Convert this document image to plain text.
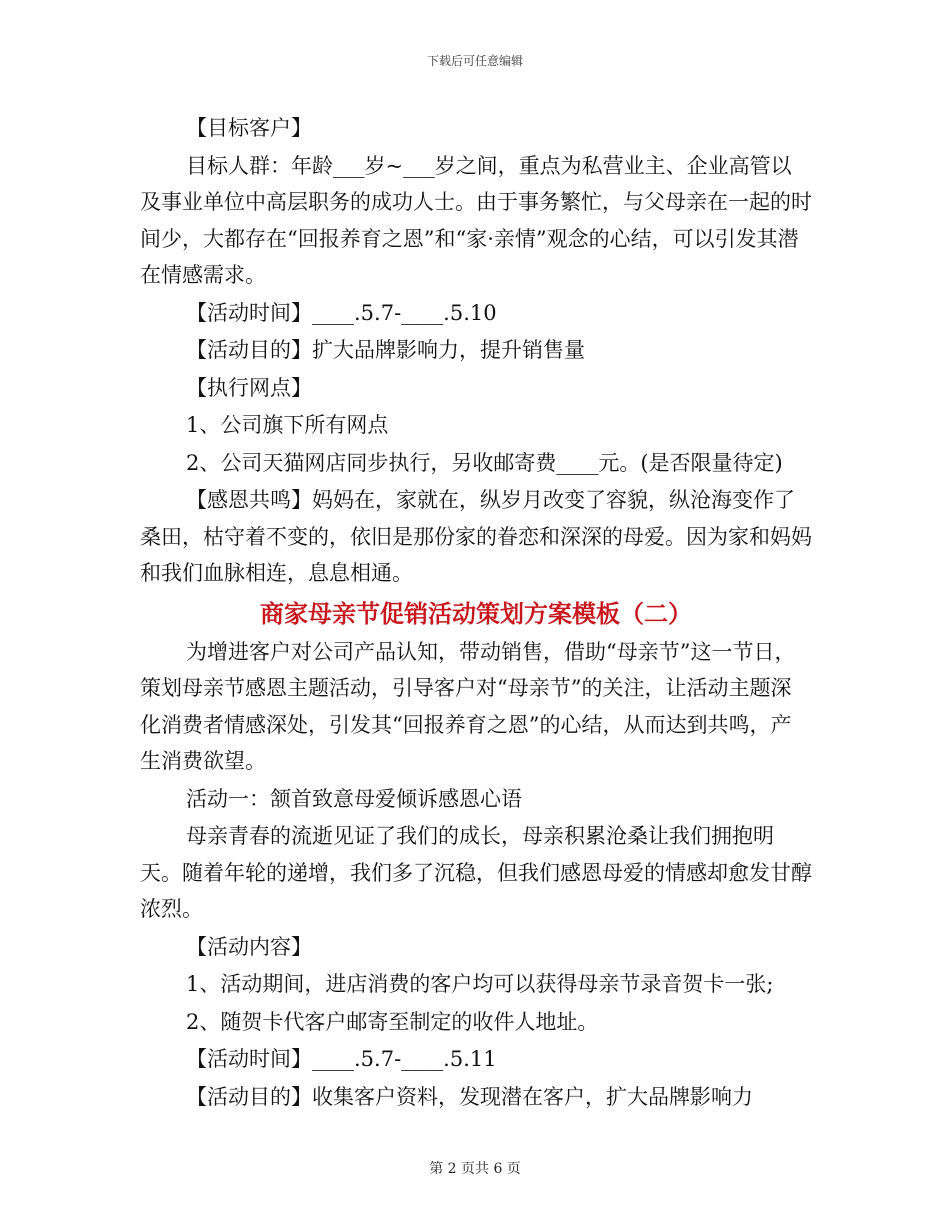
下载后可任意编辑

【目标客户】

目标人群：年龄___岁~___岁之间，重点为私营业主、企业高管以及事业单位中高层职务的成功人士。由于事务繁忙，与父母亲在一起的时间少，大都存在“回报养育之恩”和“家·亲情”观念的心结，可以引发其潜在情感需求。

【活动时间】____.5.7-____.5.10

【活动目的】扩大品牌影响力，提升销售量

【执行网点】

1、公司旗下所有网点

2、公司天猫网店同步执行，另收邮寄费____元。(是否限量待定)

【感恩共鸣】妈妈在，家就在，纵岁月改变了容貌，纵沧海变作了桑田，枯守着不变的，依旧是那份家的眷恋和深深的母爱。因为家和妈妈和我们血脉相连，息息相通。

商家母亲节促销活动策划方案模板（二）

为增进客户对公司产品认知，带动销售，借助“母亲节”这一节日，策划母亲节感恩主题活动，引导客户对“母亲节”的关注，让活动主题深化消费者情感深处，引发其“回报养育之恩”的心结，从而达到共鸣，产生消费欲望。

活动一：颔首致意母爱倾诉感恩心语

母亲青春的流逝见证了我们的成长，母亲积累沧桑让我们拥抱明天。随着年轮的递增，我们多了沉稳，但我们感恩母爱的情感却愈发甘醇浓烈。

【活动内容】

1、活动期间，进店消费的客户均可以获得母亲节录音贺卡一张;

2、随贺卡代客户邮寄至制定的收件人地址。

【活动时间】____.5.7-____.5.11

【活动目的】收集客户资料，发现潜在客户，扩大品牌影响力

第 2 页共 6 页
